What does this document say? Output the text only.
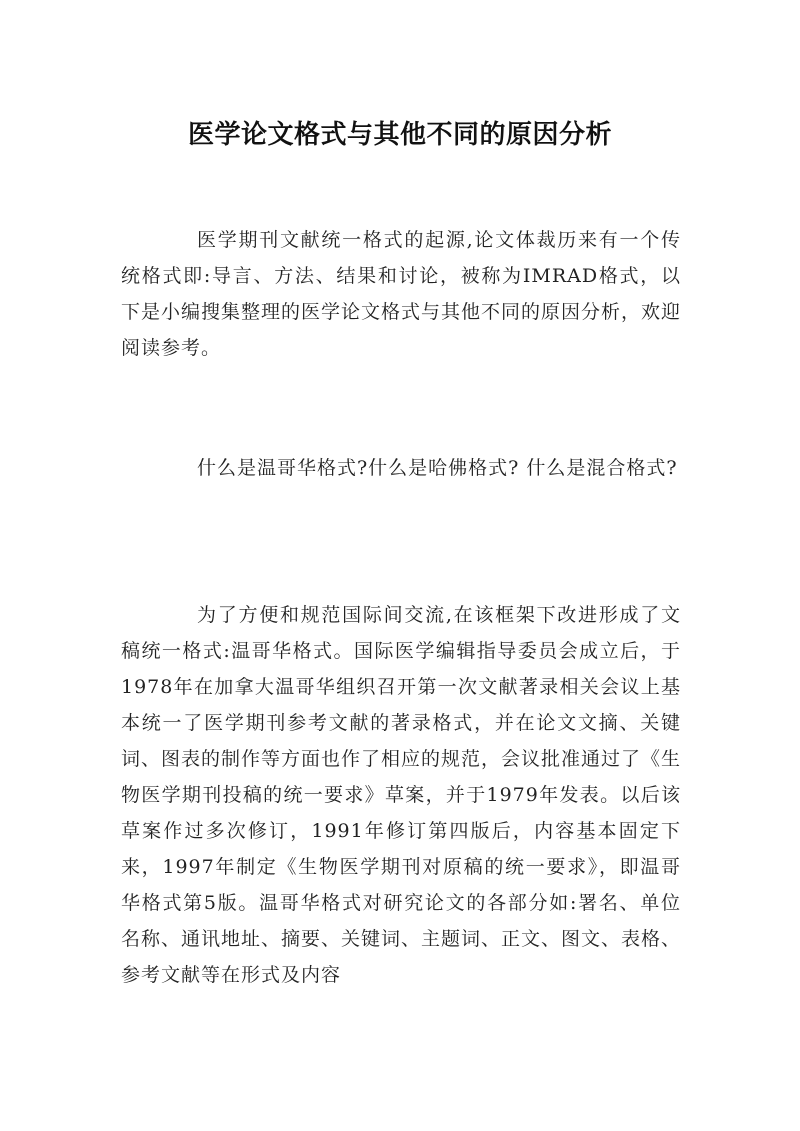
医学论文格式与其他不同的原因分析

医学期刊文献统一格式的起源,论文体裁历来有一个传统格式即:导言、方法、结果和讨论，被称为IMRAD格式，以下是小编搜集整理的医学论文格式与其他不同的原因分析，欢迎阅读参考。

什么是温哥华格式?什么是哈佛格式? 什么是混合格式?

为了方便和规范国际间交流,在该框架下改进形成了文稿统一格式:温哥华格式。国际医学编辑指导委员会成立后，于1978年在加拿大温哥华组织召开第一次文献著录相关会议上基本统一了医学期刊参考文献的著录格式，并在论文文摘、关键词、图表的制作等方面也作了相应的规范，会议批准通过了《生物医学期刊投稿的统一要求》草案，并于1979年发表。以后该草案作过多次修订，1991年修订第四版后，内容基本固定下来，1997年制定《生物医学期刊对原稿的统一要求》，即温哥华格式第5版。温哥华格式对研究论文的各部分如:署名、单位名称、通讯地址、摘要、关键词、主题词、正文、图文、表格、参考文献等在形式及内容
